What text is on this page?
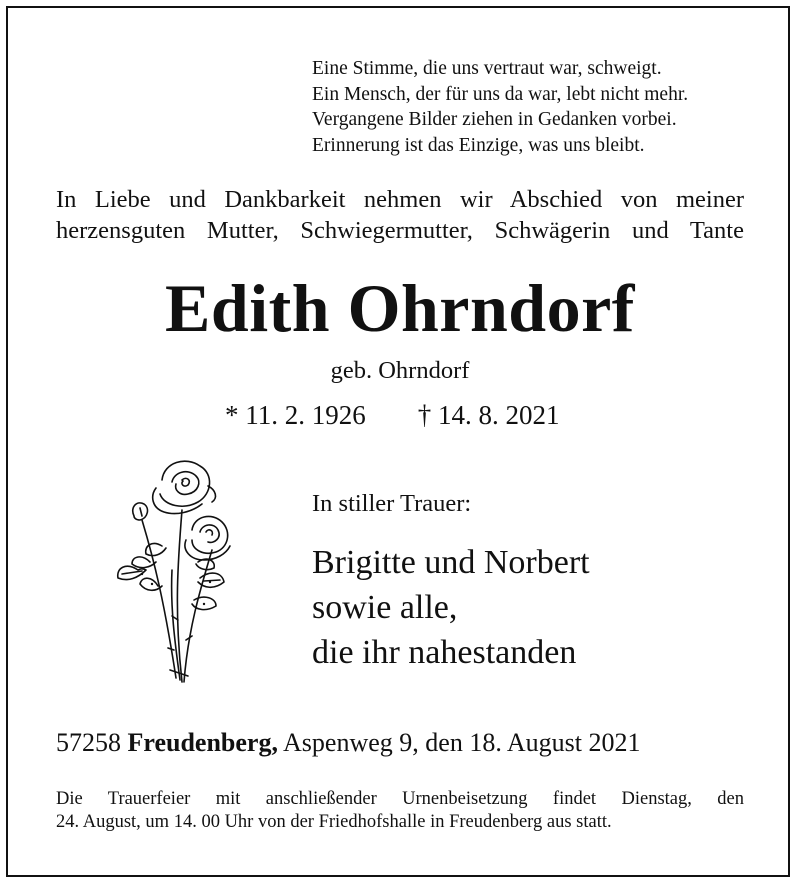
Eine Stimme, die uns vertraut war, schweigt.
Ein Mensch, der für uns da war, lebt nicht mehr.
Vergangene Bilder ziehen in Gedanken vorbei.
Erinnerung ist das Einzige, was uns bleibt.
In Liebe und Dankbarkeit nehmen wir Abschied von meiner
herzensguten Mutter, Schwiegermutter, Schwägerin und Tante
Edith Ohrndorf
geb. Ohrndorf
* 11. 2. 1926 † 14. 8. 2021
In stiller Trauer:
Brigitte und Norbert
sowie alle,
die ihr nahestanden
57258 Freudenberg, Aspenweg 9, den 18. August 2021
Die Trauerfeier mit anschließender Urnenbeisetzung findet Dienstag, den
24. August, um 14. 00 Uhr von der Friedhofshalle in Freudenberg aus statt.
